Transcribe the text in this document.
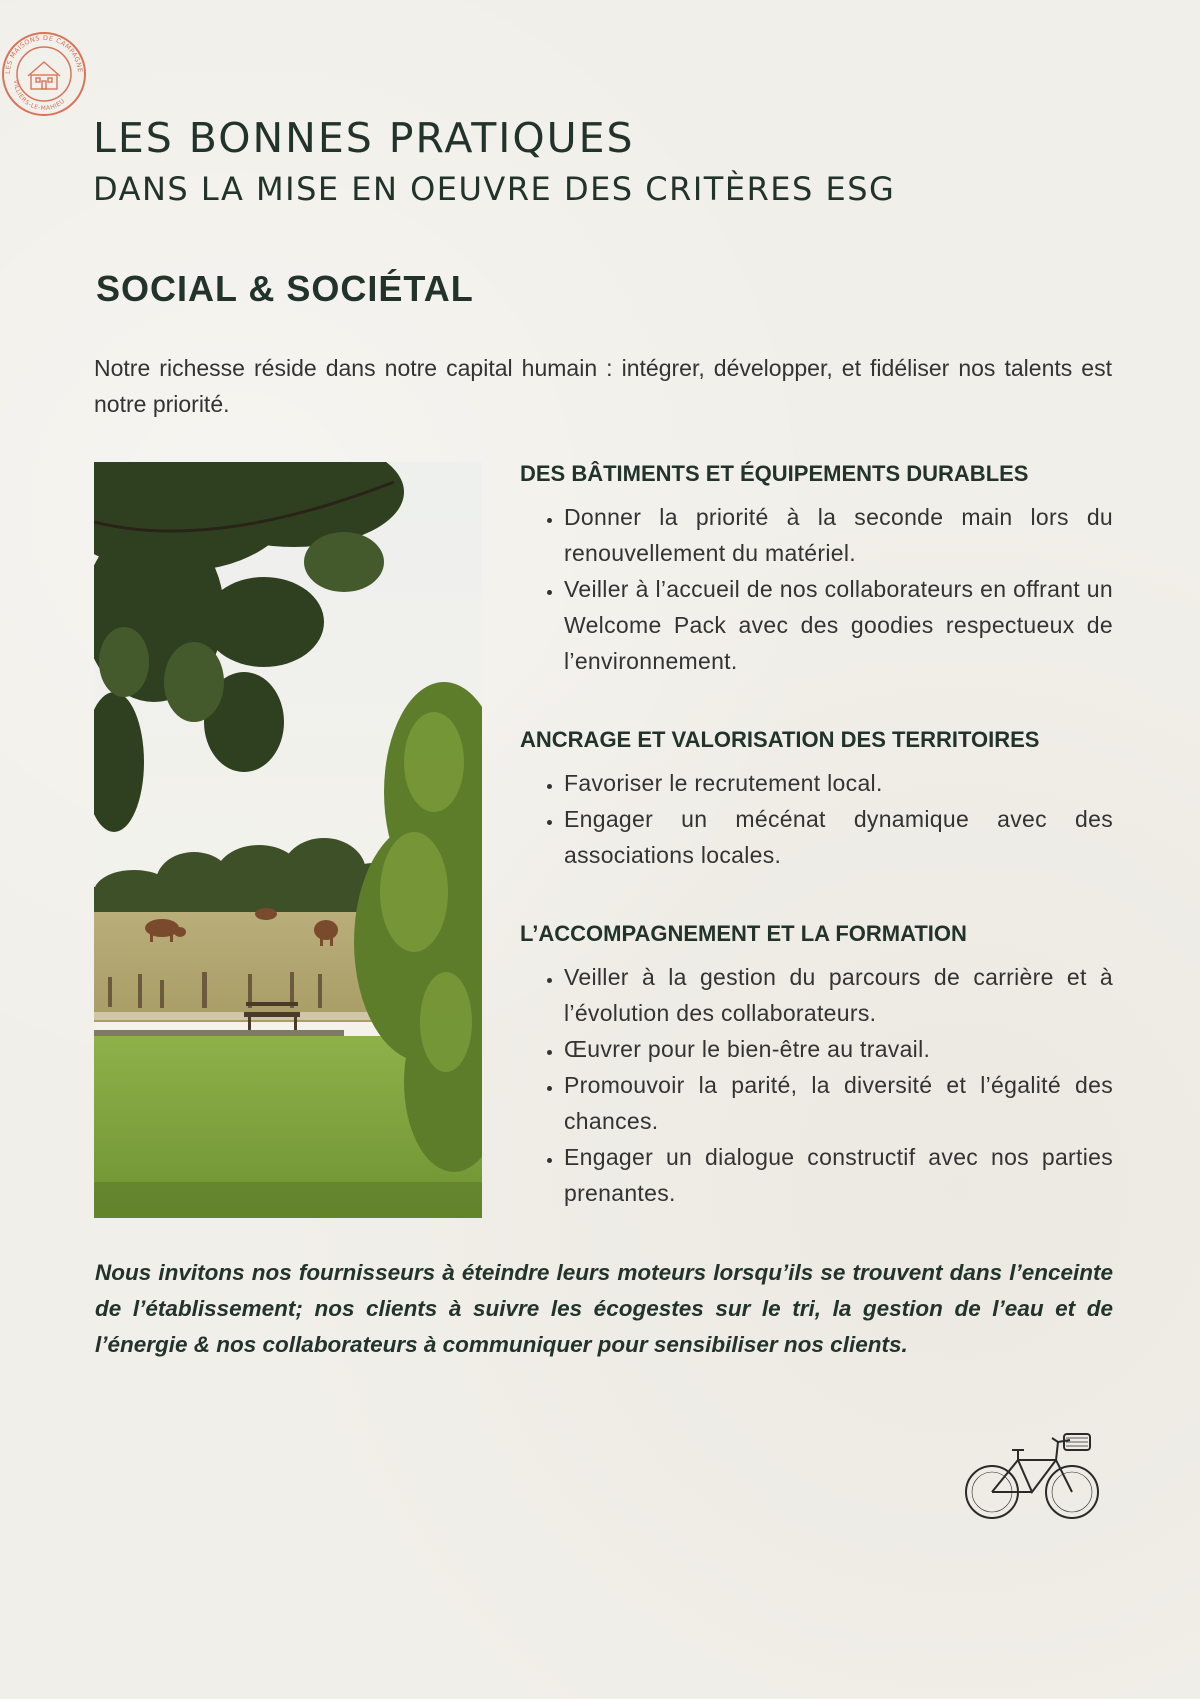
LES MAISONS DE CAMPAGNE
VILLIERS-LE-MAHIEU
LES BONNES PRATIQUES
DANS LA MISE EN OEUVRE DES CRITÈRES ESG
SOCIAL & SOCIÉTAL

Notre richesse réside dans notre capital humain : intégrer, développer, et fidéliser nos talents est notre priorité.

DES BÂTIMENTS ET ÉQUIPEMENTS DURABLES
• Donner la priorité à la seconde main lors du renouvellement du matériel.
• Veiller à l’accueil de nos collaborateurs en offrant un Welcome Pack avec des goodies respectueux de l’environnement.
ANCRAGE ET VALORISATION DES TERRITOIRES
• Favoriser le recrutement local.
• Engager un mécénat dynamique avec des associations locales.
L’ACCOMPAGNEMENT ET LA FORMATION
• Veiller à la gestion du parcours de carrière et à l’évolution des collaborateurs.
• Œuvrer pour le bien-être au travail.
• Promouvoir la parité, la diversité et l’égalité des chances.
• Engager un dialogue constructif avec nos parties prenantes.

Nous invitons nos fournisseurs à éteindre leurs moteurs lorsqu’ils se trouvent dans l’enceinte de l’établissement; nos clients à suivre les écogestes sur le tri, la gestion de l’eau et de l’énergie & nos collaborateurs à communiquer pour sensibiliser nos clients.
